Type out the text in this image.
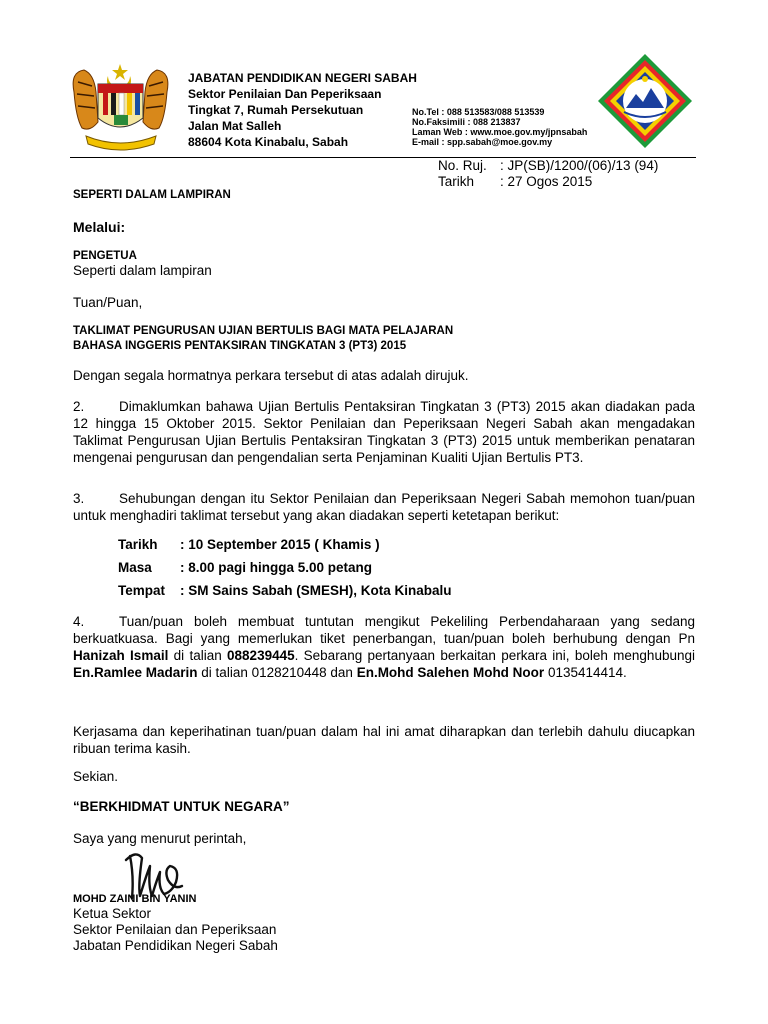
JABATAN PENDIDIKAN NEGERI SABAH
Sektor Penilaian Dan Peperiksaan
Tingkat 7, Rumah Persekutuan
Jalan Mat Salleh
88604 Kota Kinabalu, Sabah
No.Tel : 088 513583/088 513539
No.Faksimili : 088 213837
Laman Web : www.moe.gov.my/jpnsabah
E-mail : spp.sabah@moe.gov.my
No. Ruj. : JP(SB)/1200/(06)/13 (94)
Tarikh : 27 Ogos 2015
SEPERTI DALAM LAMPIRAN
Melalui:
PENGETUA
Seperti dalam lampiran
Tuan/Puan,
TAKLIMAT PENGURUSAN UJIAN BERTULIS BAGI MATA PELAJARAN
BAHASA INGGERIS PENTAKSIRAN TINGKATAN 3 (PT3) 2015
Dengan segala hormatnya perkara tersebut di atas adalah dirujuk.
2.	Dimaklumkan bahawa Ujian Bertulis Pentaksiran Tingkatan 3 (PT3) 2015 akan diadakan pada 12 hingga 15 Oktober 2015. Sektor Penilaian dan Peperiksaan Negeri Sabah akan mengadakan Taklimat Pengurusan Ujian Bertulis Pentaksiran Tingkatan 3 (PT3) 2015 untuk memberikan penataran mengenai pengurusan dan pengendalian serta Penjaminan Kualiti Ujian Bertulis PT3.
3.	Sehubungan dengan itu Sektor Penilaian dan Peperiksaan Negeri Sabah memohon tuan/puan untuk menghadiri taklimat tersebut yang akan diadakan seperti ketetapan berikut:
Tarikh : 10 September 2015 ( Khamis )
Masa : 8.00 pagi hingga 5.00 petang
Tempat : SM Sains Sabah (SMESH), Kota Kinabalu
4.	Tuan/puan boleh membuat tuntutan mengikut Pekeliling Perbendaharaan yang sedang berkuatkuasa. Bagi yang memerlukan tiket penerbangan, tuan/puan boleh berhubung dengan Pn Hanizah Ismail di talian 088239445. Sebarang pertanyaan berkaitan perkara ini, boleh menghubungi En.Ramlee Madarin di talian 0128210448 dan En.Mohd Salehen Mohd Noor 0135414414.
Kerjasama dan keperihatinan tuan/puan dalam hal ini amat diharapkan dan terlebih dahulu diucapkan ribuan terima kasih.
Sekian.
“BERKHIDMAT UNTUK NEGARA”
Saya yang menurut perintah,
MOHD ZAINI BIN YANIN
Ketua Sektor
Sektor Penilaian dan Peperiksaan
Jabatan Pendidikan Negeri Sabah
